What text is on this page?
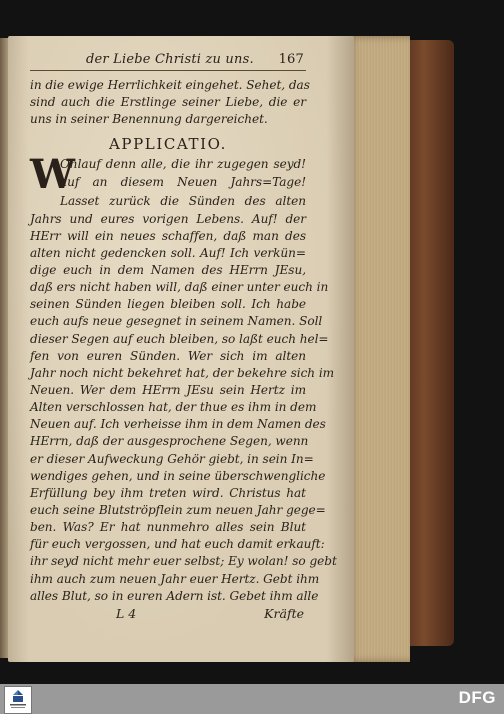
der Liebe Christi zu uns. 167
in die ewige Herrlichkeit eingehet. Sehet, das
sind auch die Erstlinge seiner Liebe, die er
uns in seiner Benennung dargereichet.
APPLICATIO.
W
Ohlauf denn alle, die ihr zugegen seyd!
auf an diesem Neuen Jahrs=Tage!
Lasset zurück die Sünden des alten
Jahrs und eures vorigen Lebens. Auf! der
HErr will ein neues schaffen, daß man des
alten nicht gedencken soll. Auf! Ich verkün=
dige euch in dem Namen des HErrn JEsu,
daß ers nicht haben will, daß einer unter euch in
seinen Sünden liegen bleiben soll. Ich habe
euch aufs neue gesegnet in seinem Namen. Soll
dieser Segen auf euch bleiben, so laßt euch hel=
fen von euren Sünden. Wer sich im alten
Jahr noch nicht bekehret hat, der bekehre sich im
Neuen. Wer dem HErrn JEsu sein Hertz im
Alten verschlossen hat, der thue es ihm in dem
Neuen auf. Ich verheisse ihm in dem Namen des
HErrn, daß der ausgesprochene Segen, wenn
er dieser Aufweckung Gehör giebt, in sein In=
wendiges gehen, und in seine überschwengliche
Erfüllung bey ihm treten wird. Christus hat
euch seine Blutströpflein zum neuen Jahr gege=
ben. Was? Er hat nunmehro alles sein Blut
für euch vergossen, und hat euch damit erkauft:
ihr seyd nicht mehr euer selbst; Ey wolan! so gebt
ihm auch zum neuen Jahr euer Hertz. Gebt ihm
alles Blut, so in euren Adern ist. Gebet ihm alle
L 4	Kräfte
DFG
